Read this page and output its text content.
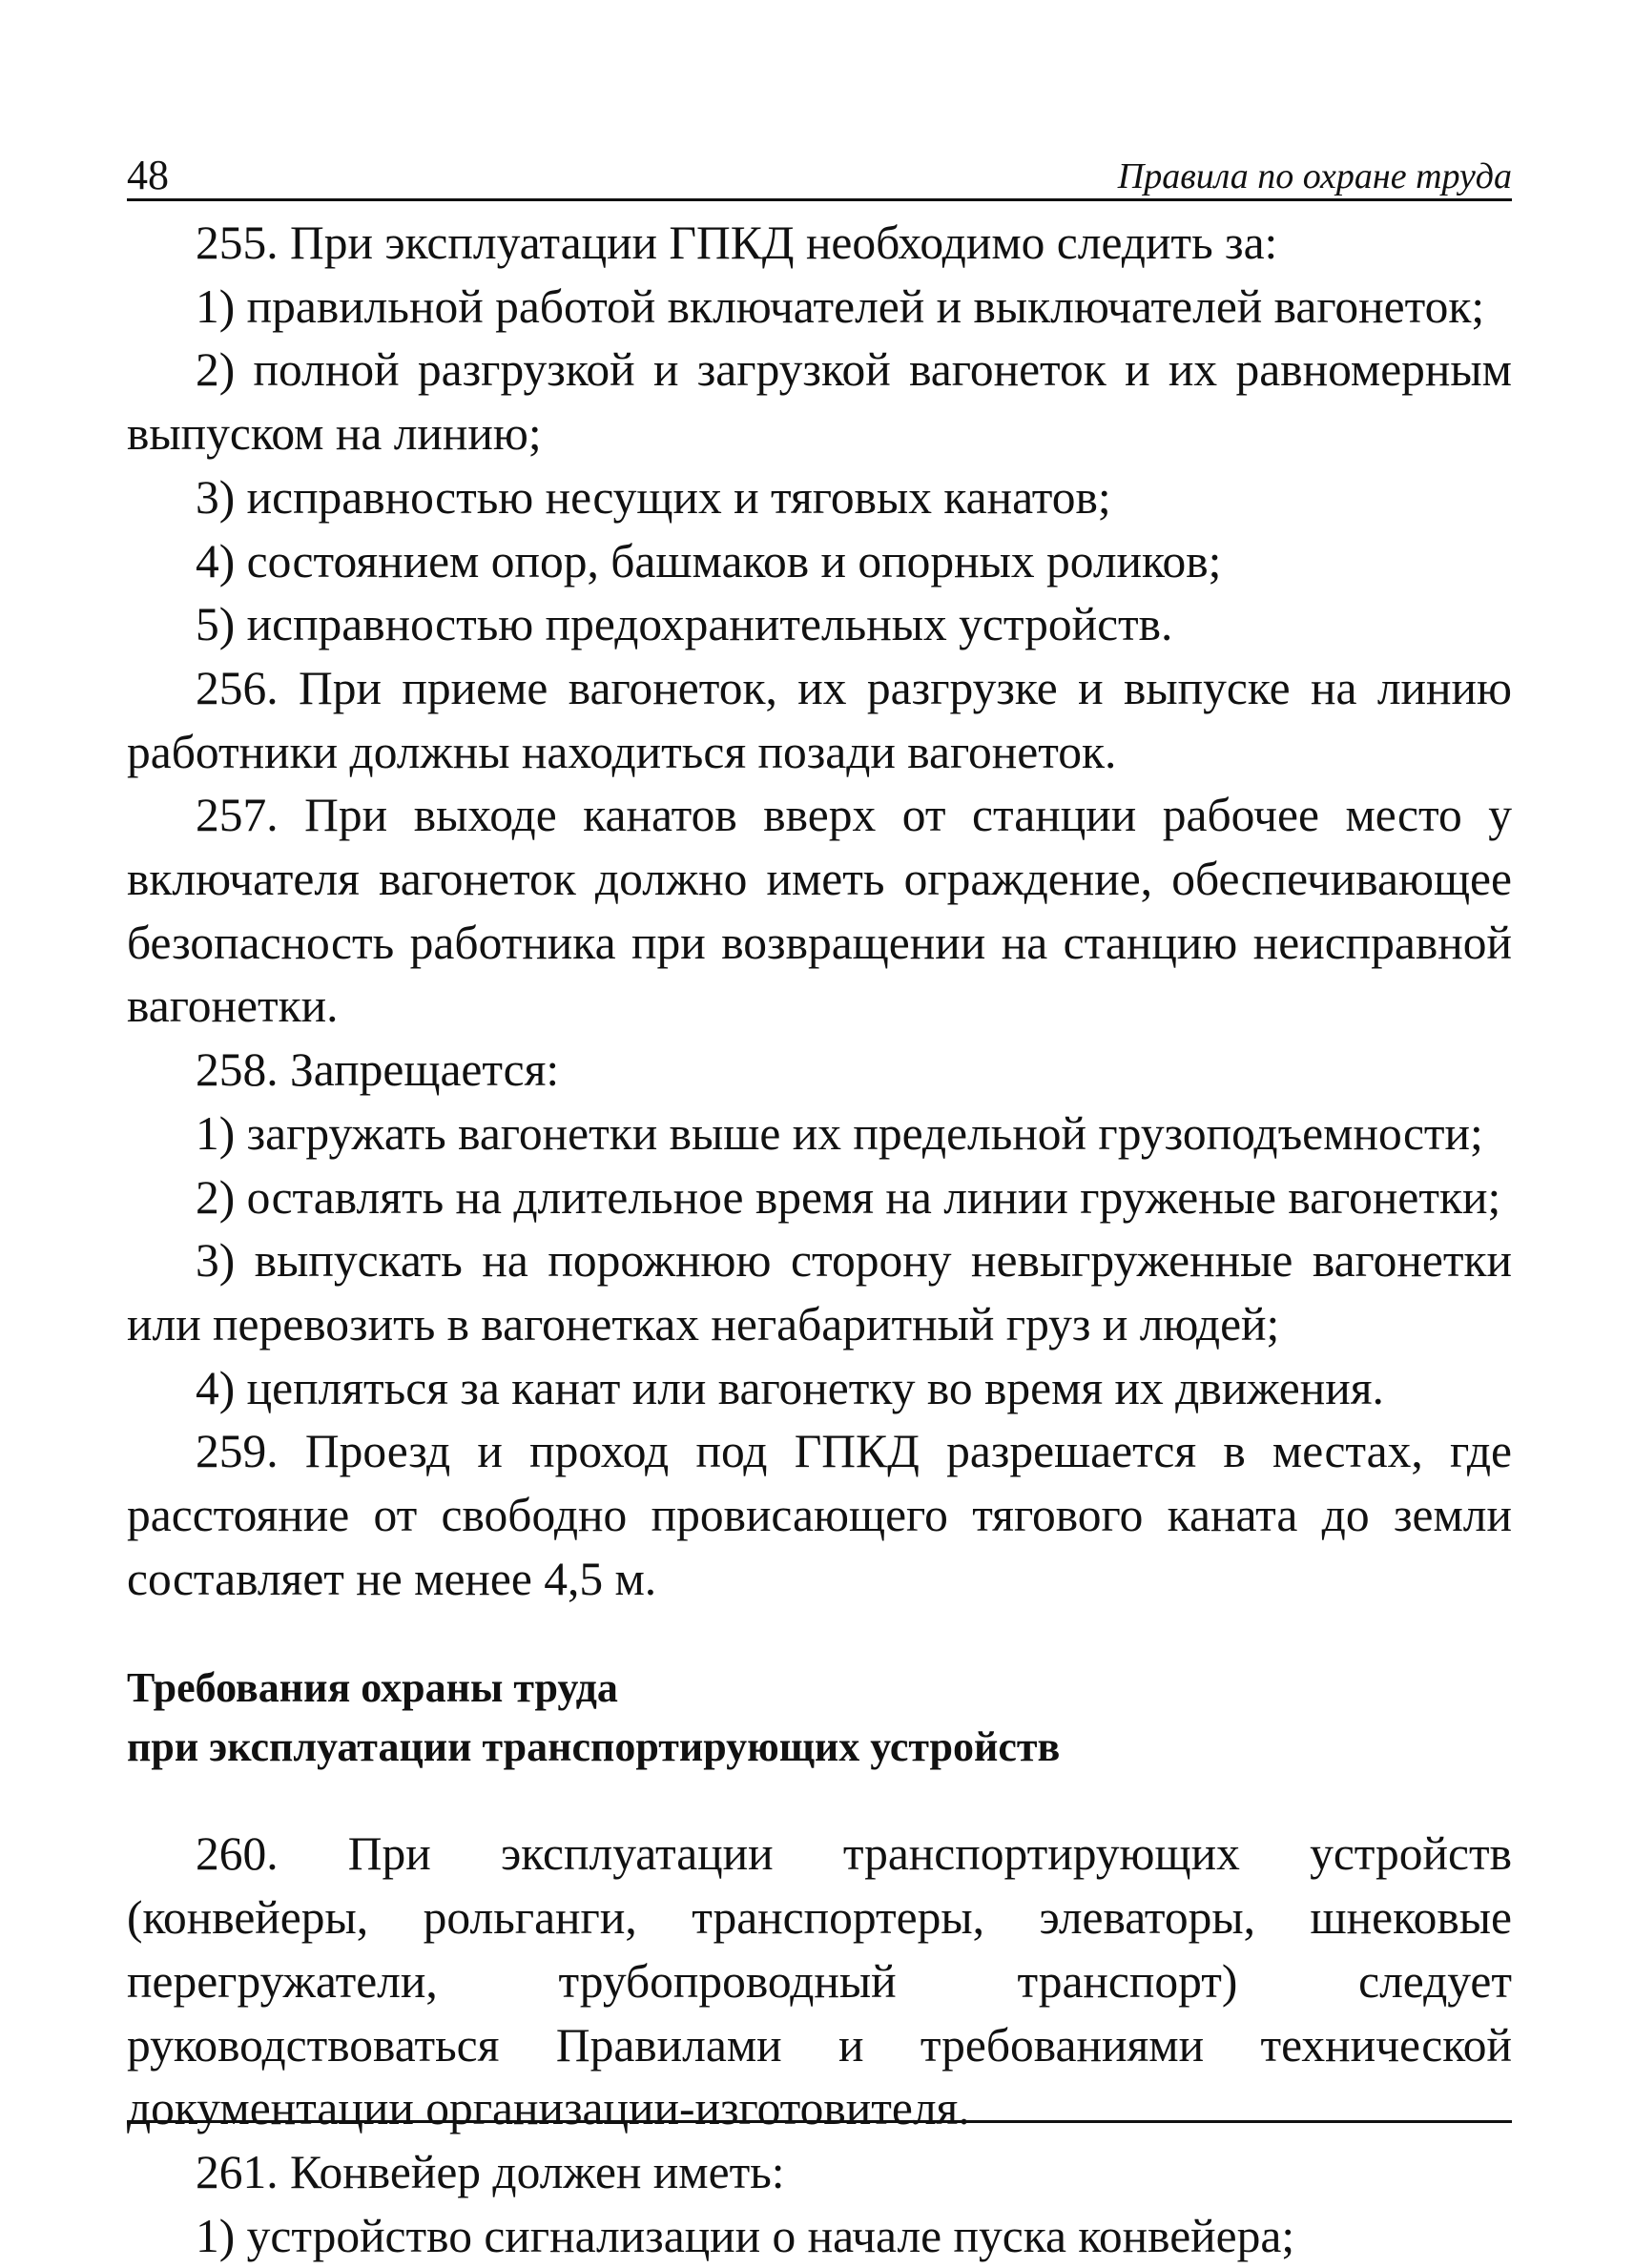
48	Правила по охране труда

255. При эксплуатации ГПКД необходимо следить за:

1) правильной работой включателей и выключателей вагонеток;

2) полной разгрузкой и загрузкой вагонеток и их равномерным выпуском на линию;

3) исправностью несущих и тяговых канатов;

4) состоянием опор, башмаков и опорных роликов;

5) исправностью предохранительных устройств.

256. При приеме вагонеток, их разгрузке и выпуске на линию работники должны находиться позади вагонеток.

257. При выходе канатов вверх от станции рабочее место у включателя вагонеток должно иметь ограждение, обеспечивающее безопасность работника при возвращении на станцию неисправной вагонетки.

258. Запрещается:

1) загружать вагонетки выше их предельной грузоподъемности;

2) оставлять на длительное время на линии груженые вагонетки;

3) выпускать на порожнюю сторону невыгруженные вагонетки или перевозить в вагонетках негабаритный груз и людей;

4) цепляться за канат или вагонетку во время их движения.

259. Проезд и проход под ГПКД разрешается в местах, где расстояние от свободно провисающего тягового каната до земли составляет не менее 4,5 м.

Требования охраны труда
при эксплуатации транспортирующих устройств

260. При эксплуатации транспортирующих устройств (конвейеры, рольганги, транспортеры, элеваторы, шнековые перегружатели, трубопроводный транспорт) следует руководствоваться Правилами и требованиями технической документации организации-изготовителя.

261. Конвейер должен иметь:

1) устройство сигнализации о начале пуска конвейера;
